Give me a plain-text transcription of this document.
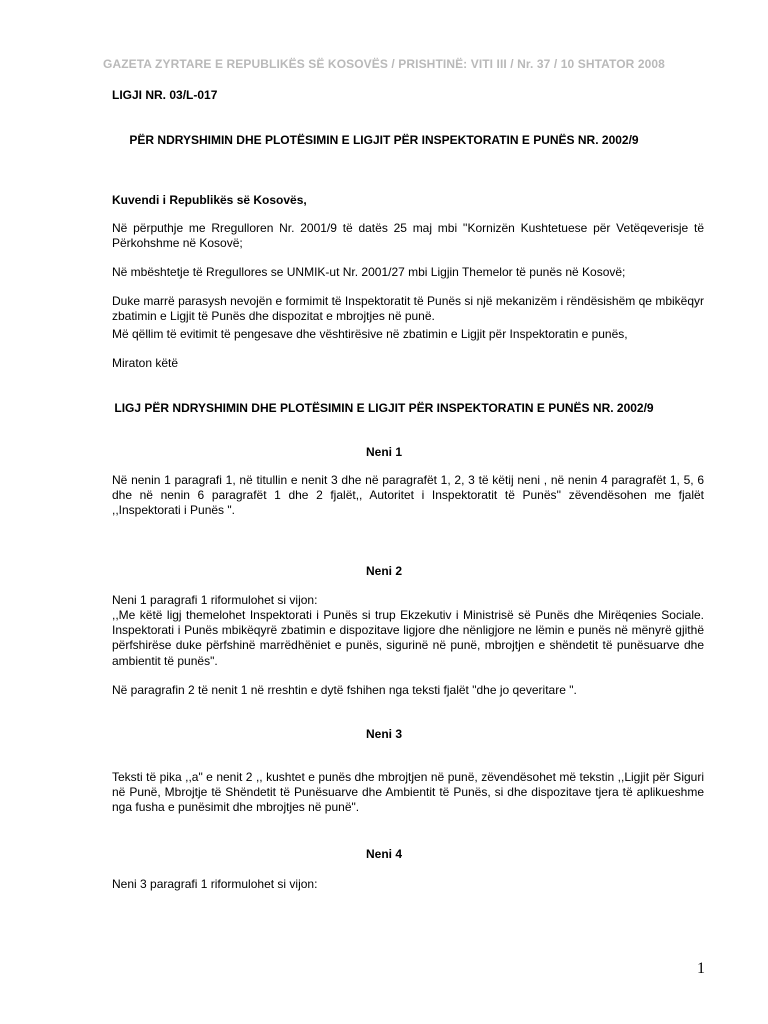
GAZETA ZYRTARE E REPUBLIKËS SË KOSOVËS / PRISHTINË: VITI III / Nr. 37 / 10 SHTATOR 2008
LIGJI NR. 03/L-017
PËR NDRYSHIMIN DHE PLOTËSIMIN E LIGJIT PËR INSPEKTORATIN E PUNËS NR. 2002/9
Kuvendi i Republikës së Kosovës,
Në përputhje me Rregulloren Nr. 2001/9 të datës 25 maj mbi ''Kornizën Kushtetuese për Vetëqeverisje të Përkohshme në Kosovë;
Në mbështetje të Rregullores se UNMIK-ut Nr. 2001/27 mbi Ligjin Themelor të punës në Kosovë;
Duke marrë parasysh nevojën e formimit të Inspektoratit të Punës si një mekanizëm i rëndësishëm qe mbikëqyr zbatimin e Ligjit të Punës dhe dispozitat e mbrojtjes në punë.
Më qëllim të evitimit të pengesave dhe vështirësive në zbatimin e Ligjit për Inspektoratin e punës,
Miraton këtë
LIGJ PËR NDRYSHIMIN DHE PLOTËSIMIN E LIGJIT PËR INSPEKTORATIN E PUNËS NR. 2002/9
Neni 1
Në nenin 1 paragrafi 1, në titullin e nenit 3 dhe në paragrafët 1, 2, 3 të këtij neni , në nenin 4 paragrafët 1, 5, 6 dhe në nenin 6 paragrafët 1 dhe 2 fjalët,, Autoritet i Inspektoratit të Punës'' zëvendësohen me fjalët ,,Inspektorati i Punës ".
Neni 2
Neni 1 paragrafi 1 riformulohet si vijon:
,,Me këtë ligj themelohet Inspektorati i Punës si trup Ekzekutiv i Ministrisë së Punës dhe Mirëqenies Sociale. Inspektorati i Punës mbikëqyrë zbatimin e dispozitave ligjore dhe nënligjore ne lëmin e punës në mënyrë gjithë përfshirëse duke përfshinë marrëdhëniet e punës, sigurinë në punë, mbrojtjen e shëndetit të punësuarve dhe ambientit të punës".
Në paragrafin 2 të nenit 1 në rreshtin e dytë fshihen nga teksti fjalët "dhe jo qeveritare ".
Neni 3
Teksti të pika ,,a" e nenit 2 ,, kushtet e punës dhe mbrojtjen në punë, zëvendësohet më tekstin ,,Ligjit për Siguri në Punë, Mbrojtje të Shëndetit të Punësuarve dhe Ambientit të Punës, si dhe dispozitave tjera të aplikueshme nga fusha e punësimit dhe mbrojtjes në punë".
Neni 4
Neni 3 paragrafi 1 riformulohet si vijon:
1
